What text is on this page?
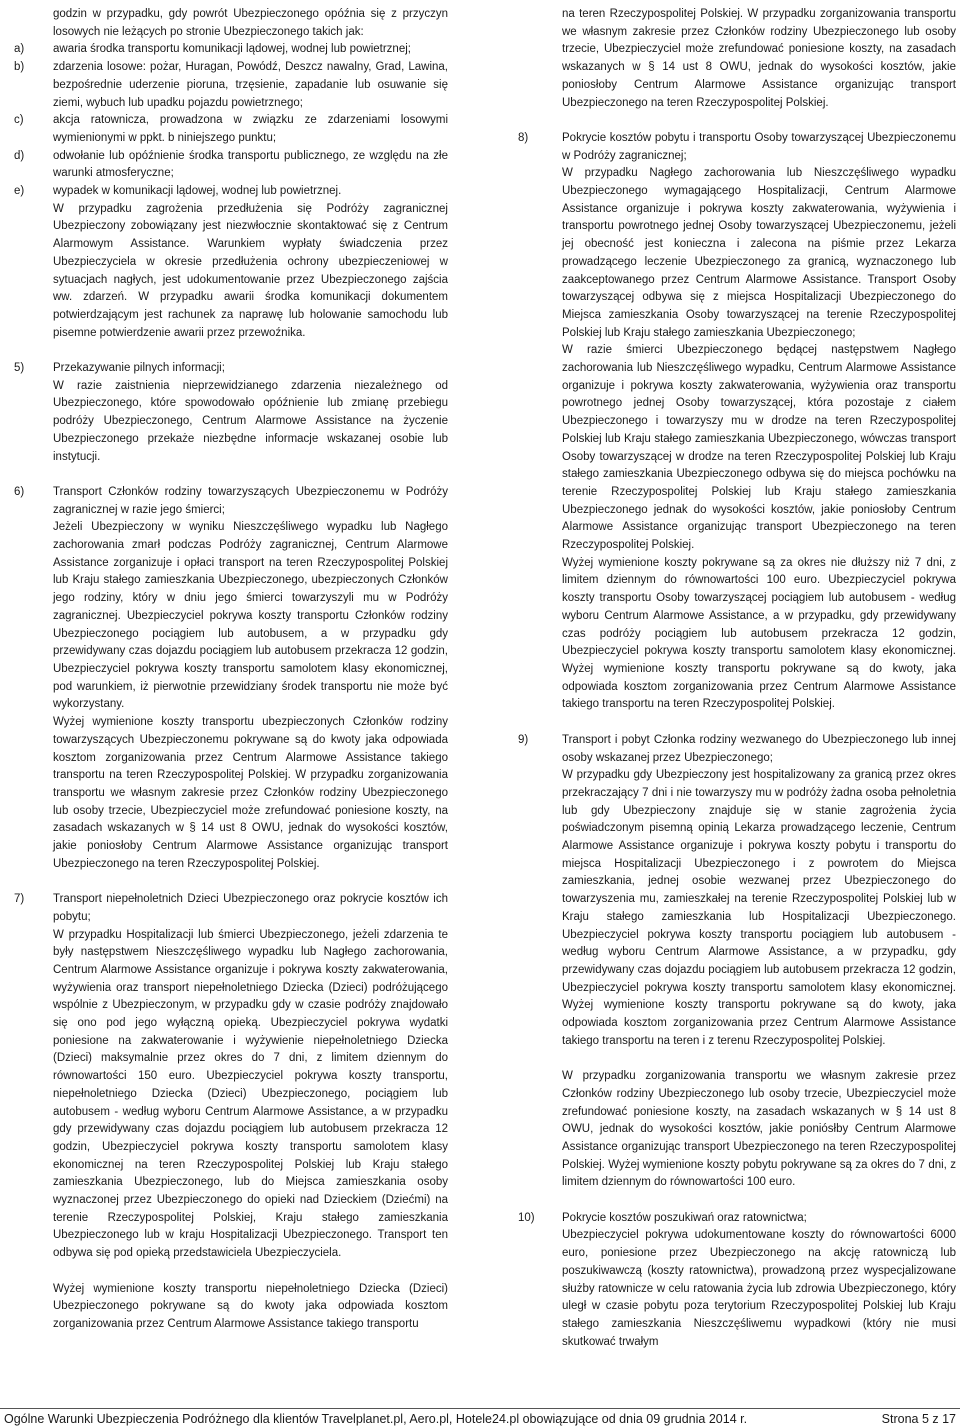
godzin w przypadku, gdy powrót Ubezpieczonego opóźnia się z przyczyn losowych nie leżących po stronie Ubezpieczonego takich jak:

a)	awaria środka transportu komunikacji lądowej, wodnej lub powietrznej;
b)	zdarzenia losowe: pożar, Huragan, Powódź, Deszcz nawalny, Grad, Lawina, bezpośrednie uderzenie pioruna, trzęsienie, zapadanie lub osuwanie się ziemi, wybuch lub upadku pojazdu powietrznego;
c)	akcja ratownicza, prowadzona w związku ze zdarzeniami losowymi wymienionymi w ppkt. b niniejszego punktu;
d)	odwołanie lub opóźnienie środka transportu publicznego, ze względu na złe warunki atmosferyczne;
e)	wypadek w komunikacji lądowej, wodnej lub powietrznej.

W przypadku zagrożenia przedłużenia się Podróży zagranicznej Ubezpieczony zobowiązany jest niezwłocznie skontaktować się z Centrum Alarmowym Assistance. Warunkiem wypłaty świadczenia przez Ubezpieczyciela w okresie przedłużenia ochrony ubezpieczeniowej w sytuacjach nagłych, jest udokumentowanie przez Ubezpieczonego zajścia ww. zdarzeń. W przypadku awarii środka komunikacji dokumentem potwierdzającym jest rachunek za naprawę lub holowanie samochodu lub pisemne potwierdzenie awarii przez przewoźnika.

5)	Przekazywanie pilnych informacji;

W razie zaistnienia nieprzewidzianego zdarzenia niezależnego od Ubezpieczonego, które spowodowało opóźnienie lub zmianę przebiegu podróży Ubezpieczonego, Centrum Alarmowe Assistance na życzenie Ubezpieczonego przekaże niezbędne informacje wskazanej osobie lub instytucji.

6)	Transport Członków rodziny towarzyszących Ubezpieczonemu w Podróży zagranicznej w razie jego śmierci;

Jeżeli Ubezpieczony w wyniku Nieszczęśliwego wypadku lub Nagłego zachorowania zmarł podczas Podróży zagranicznej, Centrum Alarmowe Assistance zorganizuje i opłaci transport na teren Rzeczypospolitej Polskiej lub Kraju stałego zamieszkania Ubezpieczonego, ubezpieczonych Członków jego rodziny, który w dniu jego śmierci towarzyszyli mu w Podróży zagranicznej. Ubezpieczyciel pokrywa koszty transportu Członków rodziny Ubezpieczonego pociągiem lub autobusem, a w przypadku gdy przewidywany czas dojazdu pociągiem lub autobusem przekracza 12 godzin, Ubezpieczyciel pokrywa koszty transportu samolotem klasy ekonomicznej, pod warunkiem, iż pierwotnie przewidziany środek transportu nie może być wykorzystany.

Wyżej wymienione koszty transportu ubezpieczonych Członków rodziny towarzyszących Ubezpieczonemu pokrywane są do kwoty jaka odpowiada kosztom zorganizowania przez Centrum Alarmowe Assistance takiego transportu na teren Rzeczypospolitej Polskiej. W przypadku zorganizowania transportu we własnym zakresie przez Członków rodziny Ubezpieczonego lub osoby trzecie, Ubezpieczyciel może zrefundować poniesione koszty, na zasadach wskazanych w § 14 ust 8 OWU, jednak do wysokości kosztów, jakie poniosłoby Centrum Alarmowe Assistance organizując transport Ubezpieczonego na teren Rzeczypospolitej Polskiej.

7)	Transport niepełnoletnich Dzieci Ubezpieczonego oraz pokrycie kosztów ich pobytu;

W przypadku Hospitalizacji lub śmierci Ubezpieczonego, jeżeli zdarzenia te były następstwem Nieszczęśliwego wypadku lub Nagłego zachorowania, Centrum Alarmowe Assistance organizuje i pokrywa koszty zakwaterowania, wyżywienia oraz transport niepełnoletniego Dziecka (Dzieci) podróżującego wspólnie z Ubezpieczonym, w przypadku gdy w czasie podróży znajdowało się ono pod jego wyłączną opieką. Ubezpieczyciel pokrywa wydatki poniesione na zakwaterowanie i wyżywienie niepełnoletniego Dziecka (Dzieci) maksymalnie przez okres do 7 dni, z limitem dziennym do równowartości 150 euro. Ubezpieczyciel pokrywa koszty transportu, niepełnoletniego Dziecka (Dzieci) Ubezpieczonego, pociągiem lub autobusem - według wyboru Centrum Alarmowe Assistance, a w przypadku gdy przewidywany czas dojazdu pociągiem lub autobusem przekracza 12 godzin, Ubezpieczyciel pokrywa koszty transportu samolotem klasy ekonomicznej na teren Rzeczypospolitej Polskiej lub Kraju stałego zamieszkania Ubezpieczonego, lub do Miejsca zamieszkania osoby wyznaczonej przez Ubezpieczonego do opieki nad Dzieckiem (Dziećmi) na terenie Rzeczypospolitej Polskiej, Kraju stałego zamieszkania Ubezpieczonego lub w kraju Hospitalizacji Ubezpieczonego. Transport ten odbywa się pod opieką przedstawiciela Ubezpieczyciela.

Wyżej wymienione koszty transportu niepełnoletniego Dziecka (Dzieci) Ubezpieczonego pokrywane są do kwoty jaka odpowiada kosztom zorganizowania przez Centrum Alarmowe Assistance takiego transportu

na teren Rzeczypospolitej Polskiej. W przypadku zorganizowania transportu we własnym zakresie przez Członków rodziny Ubezpieczonego lub osoby trzecie, Ubezpieczyciel może zrefundować poniesione koszty, na zasadach wskazanych w § 14 ust 8 OWU, jednak do wysokości kosztów, jakie poniosłoby Centrum Alarmowe Assistance organizując transport Ubezpieczonego na teren Rzeczypospolitej Polskiej.

8)	Pokrycie kosztów pobytu i transportu Osoby towarzyszącej Ubezpieczonemu w Podróży zagranicznej;

W przypadku Nagłego zachorowania lub Nieszczęśliwego wypadku Ubezpieczonego wymagającego Hospitalizacji, Centrum Alarmowe Assistance organizuje i pokrywa koszty zakwaterowania, wyżywienia i transportu powrotnego jednej Osoby towarzyszącej Ubezpieczonemu, jeżeli jej obecność jest konieczna i zalecona na piśmie przez Lekarza prowadzącego leczenie Ubezpieczonego za granicą, wyznaczonego lub zaakceptowanego przez Centrum Alarmowe Assistance. Transport Osoby towarzyszącej odbywa się z miejsca Hospitalizacji Ubezpieczonego do Miejsca zamieszkania Osoby towarzyszącej na terenie Rzeczypospolitej Polskiej lub Kraju stałego zamieszkania Ubezpieczonego;

W razie śmierci Ubezpieczonego będącej następstwem Nagłego zachorowania lub Nieszczęśliwego wypadku, Centrum Alarmowe Assistance organizuje i pokrywa koszty zakwaterowania, wyżywienia oraz transportu powrotnego jednej Osoby towarzyszącej, która pozostaje z ciałem Ubezpieczonego i towarzyszy mu w drodze na teren Rzeczypospolitej Polskiej lub Kraju stałego zamieszkania Ubezpieczonego, wówczas transport Osoby towarzyszącej w drodze na teren Rzeczypospolitej Polskiej lub Kraju stałego zamieszkania Ubezpieczonego odbywa się do miejsca pochówku na terenie Rzeczypospolitej Polskiej lub Kraju stałego zamieszkania Ubezpieczonego jednak do wysokości kosztów, jakie poniosłoby Centrum Alarmowe Assistance organizując transport Ubezpieczonego na teren Rzeczypospolitej Polskiej.

Wyżej wymienione koszty pokrywane są za okres nie dłuższy niż 7 dni, z limitem dziennym do równowartości 100 euro. Ubezpieczyciel pokrywa koszty transportu Osoby towarzyszącej pociągiem lub autobusem - według wyboru Centrum Alarmowe Assistance, a w przypadku, gdy przewidywany czas podróży pociągiem lub autobusem przekracza 12 godzin, Ubezpieczyciel pokrywa koszty transportu samolotem klasy ekonomicznej. Wyżej wymienione koszty transportu pokrywane są do kwoty, jaka odpowiada kosztom zorganizowania przez Centrum Alarmowe Assistance takiego transportu na teren Rzeczypospolitej Polskiej.

9)	Transport i pobyt Członka rodziny wezwanego do Ubezpieczonego lub innej osoby wskazanej przez Ubezpieczonego;

W przypadku gdy Ubezpieczony jest hospitalizowany za granicą przez okres przekraczający 7 dni i nie towarzyszy mu w podróży żadna osoba pełnoletnia lub gdy Ubezpieczony znajduje się w stanie zagrożenia życia poświadczonym pisemną opinią Lekarza prowadzącego leczenie, Centrum Alarmowe Assistance organizuje i pokrywa koszty pobytu i transportu do miejsca Hospitalizacji Ubezpieczonego i z powrotem do Miejsca zamieszkania, jednej osobie wezwanej przez Ubezpieczonego do towarzyszenia mu, zamieszkałej na terenie Rzeczypospolitej Polskiej lub w Kraju stałego zamieszkania lub Hospitalizacji Ubezpieczonego. Ubezpieczyciel pokrywa koszty transportu pociągiem lub autobusem - według wyboru Centrum Alarmowe Assistance, a w przypadku, gdy przewidywany czas dojazdu pociągiem lub autobusem przekracza 12 godzin, Ubezpieczyciel pokrywa koszty transportu samolotem klasy ekonomicznej. Wyżej wymienione koszty transportu pokrywane są do kwoty, jaka odpowiada kosztom zorganizowania przez Centrum Alarmowe Assistance takiego transportu na teren i z terenu Rzeczypospolitej Polskiej.

W przypadku zorganizowania transportu we własnym zakresie przez Członków rodziny Ubezpieczonego lub osoby trzecie, Ubezpieczyciel może zrefundować poniesione koszty, na zasadach wskazanych w § 14 ust 8 OWU, jednak do wysokości kosztów, jakie poniósłby Centrum Alarmowe Assistance organizując transport Ubezpieczonego na teren Rzeczypospolitej Polskiej. Wyżej wymienione koszty pobytu pokrywane są za okres do 7 dni, z limitem dziennym do równowartości 100 euro.

10)	Pokrycie kosztów poszukiwań oraz ratownictwa;

Ubezpieczyciel pokrywa udokumentowane koszty do równowartości 6000 euro, poniesione przez Ubezpieczonego na akcję ratowniczą lub poszukiwawczą (koszty ratownictwa), prowadzoną przez wyspecjalizowane służby ratownicze w celu ratowania życia lub zdrowia Ubezpieczonego, który uległ w czasie pobytu poza terytorium Rzeczypospolitej Polskiej lub Kraju stałego zamieszkania Nieszczęśliwemu wypadkowi (który nie musi skutkować trwałym

Ogólne Warunki Ubezpieczenia Podróżnego dla klientów Travelplanet.pl, Aero.pl, Hotele24.pl obowiązujące od dnia 09 grudnia 2014 r.	Strona 5 z 17
